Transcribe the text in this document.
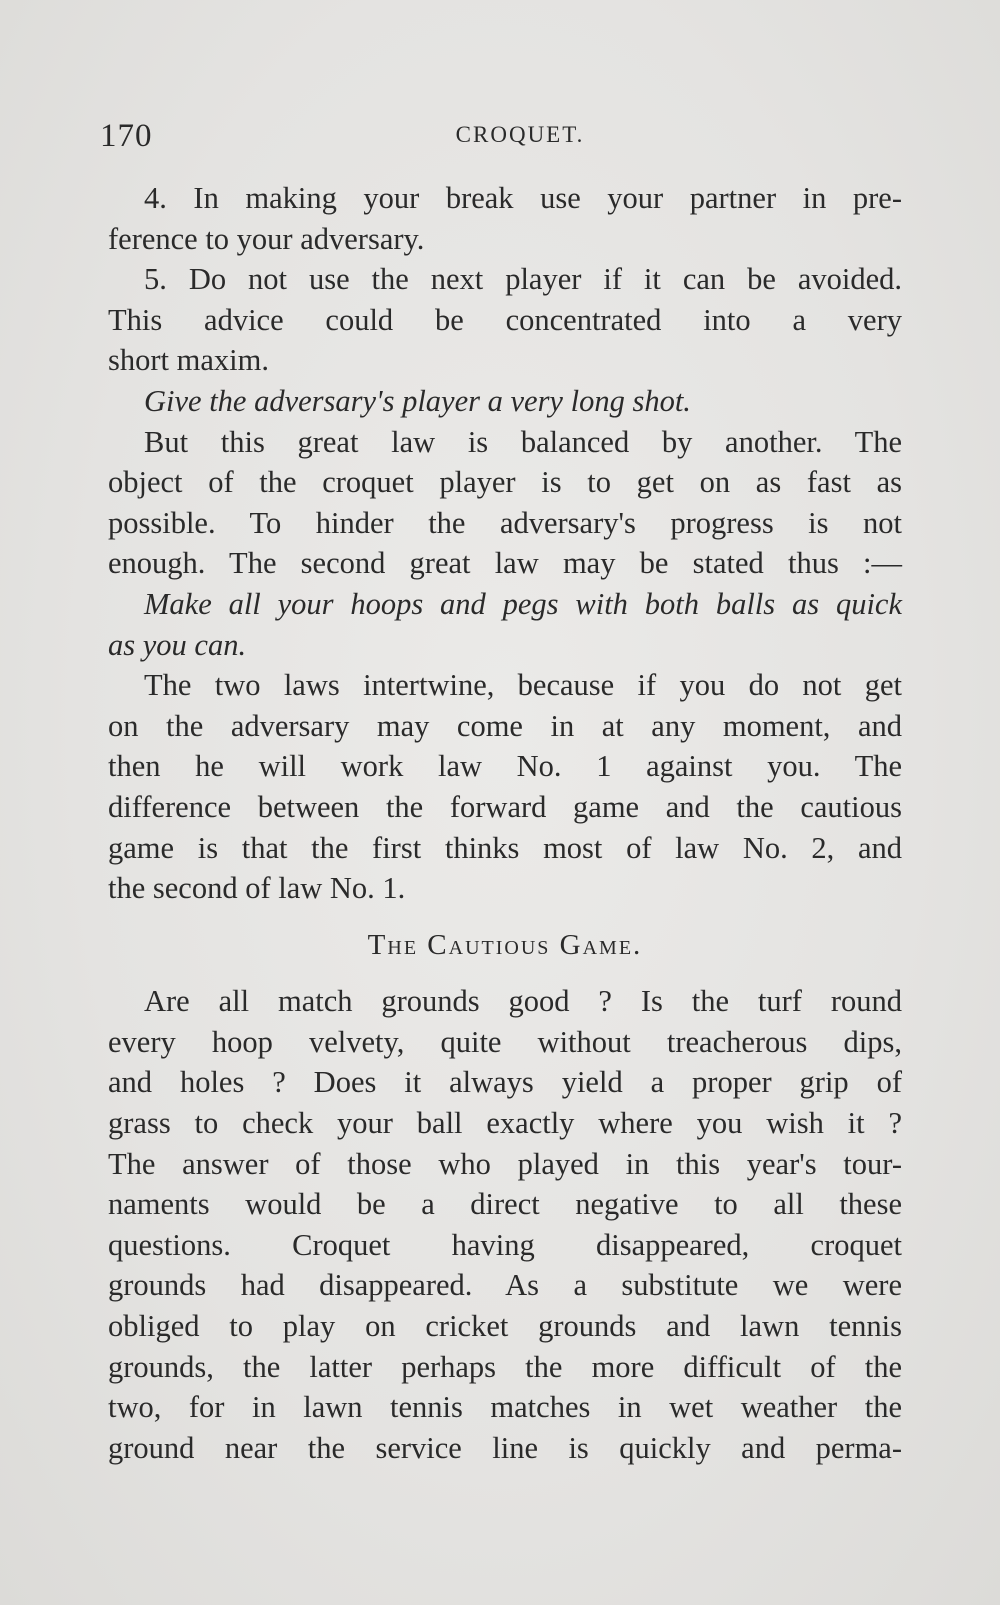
170	CROQUET.
4. In making your break use your partner in pre-
ference to your adversary.
5. Do not use the next player if it can be avoided.
This advice could be concentrated into a very
short maxim.
Give the adversary's player a very long shot.
But this great law is balanced by another. The
object of the croquet player is to get on as fast as
possible. To hinder the adversary's progress is not
enough. The second great law may be stated thus :—
Make all your hoops and pegs with both balls as quick
as you can.
The two laws intertwine, because if you do not get
on the adversary may come in at any moment, and
then he will work law No. 1 against you. The
difference between the forward game and the cautious
game is that the first thinks most of law No. 2, and
the second of law No. 1.
The Cautious Game.
Are all match grounds good ? Is the turf round
every hoop velvety, quite without treacherous dips,
and holes ? Does it always yield a proper grip of
grass to check your ball exactly where you wish it ?
The answer of those who played in this year's tour-
naments would be a direct negative to all these
questions. Croquet having disappeared, croquet
grounds had disappeared. As a substitute we were
obliged to play on cricket grounds and lawn tennis
grounds, the latter perhaps the more difficult of the
two, for in lawn tennis matches in wet weather the
ground near the service line is quickly and perma-
